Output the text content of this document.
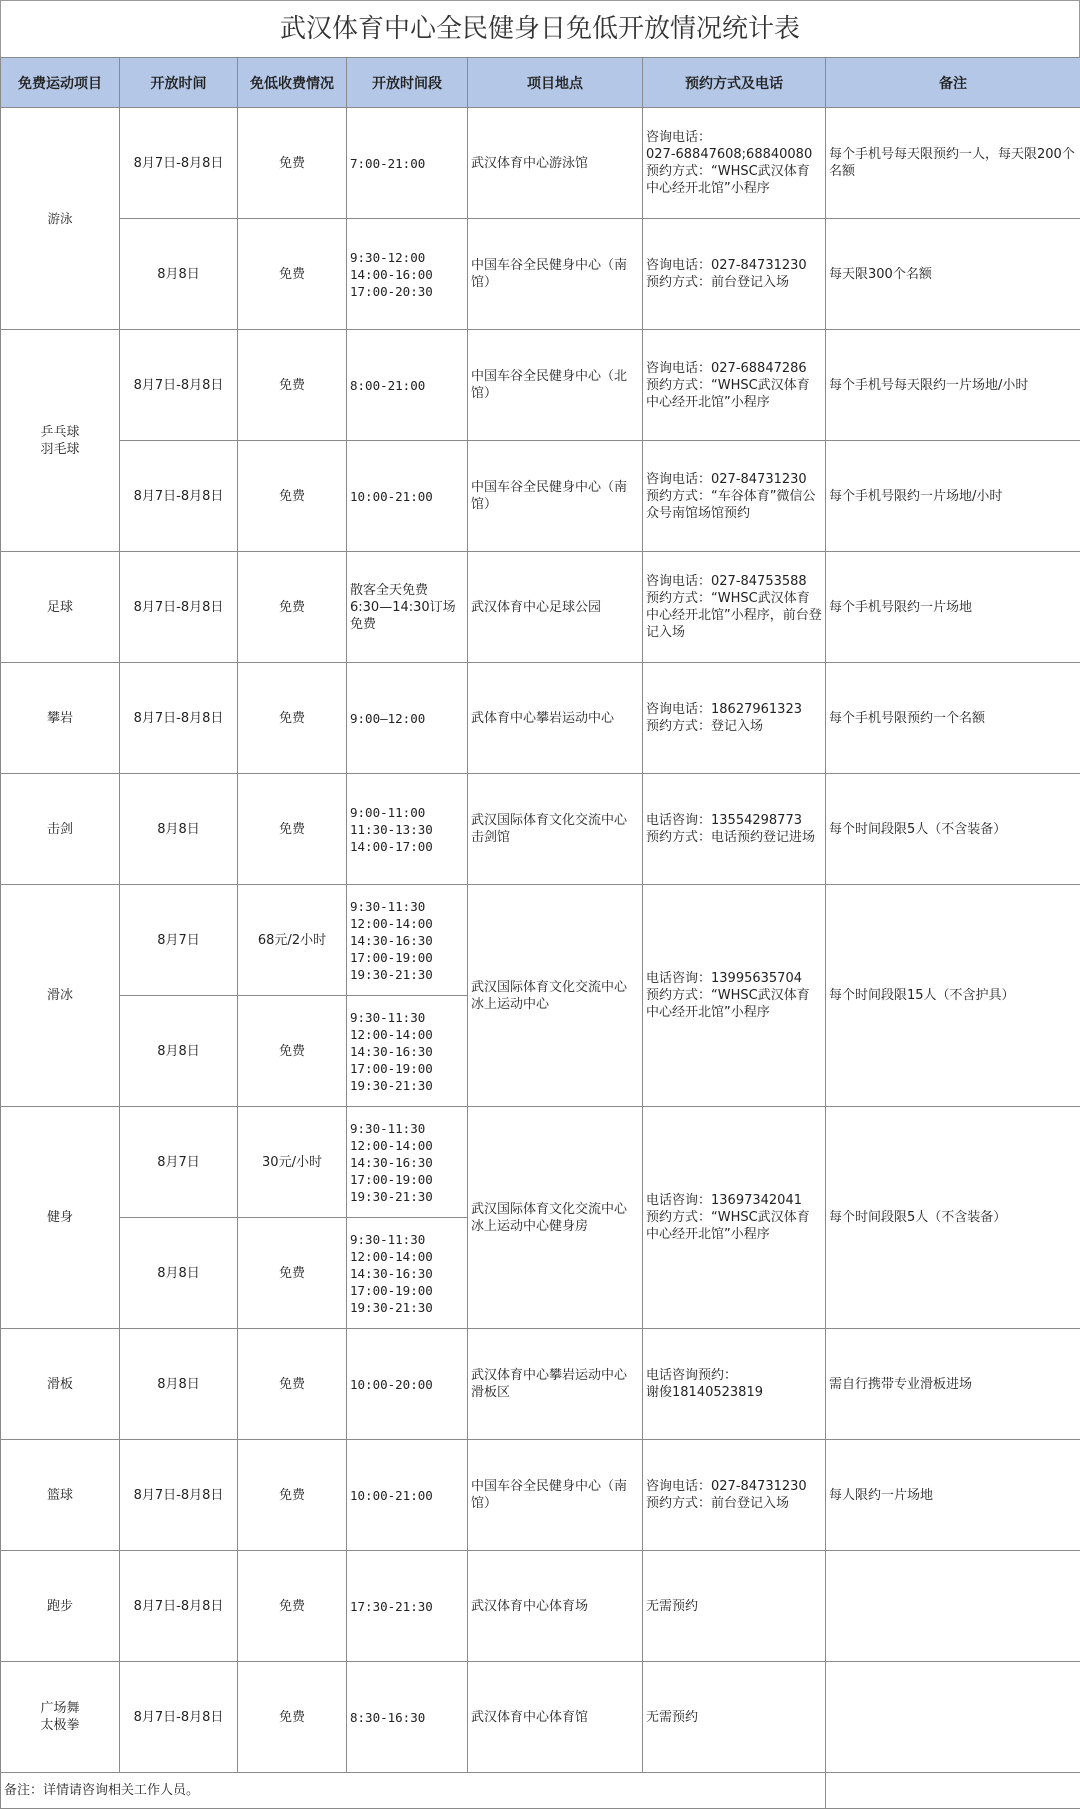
武汉体育中心全民健身日免低开放情况统计表
免费运动项目	开放时间	免低收费情况	开放时间段	项目地点	预约方式及电话	备注
游泳	8月7日-8月8日	免费	7:00-21:00	武汉体育中心游泳馆	咨询电话：
027-68847608;68840080
预约方式：“WHSC武汉体育中心经开北馆”小程序	每个手机号每天限预约一人，每天限200个名额
	8月8日	免费	9:30-12:00
14:00-16:00
17:00-20:30	中国车谷全民健身中心（南馆）	咨询电话：027-84731230
预约方式：前台登记入场	每天限300个名额
乒乓球
羽毛球	8月7日-8月8日	免费	8:00-21:00	中国车谷全民健身中心（北馆）	咨询电话：027-68847286
预约方式：“WHSC武汉体育中心经开北馆”小程序	每个手机号每天限约一片场地/小时
	8月7日-8月8日	免费	10:00-21:00	中国车谷全民健身中心（南馆）	咨询电话：027-84731230
预约方式：“车谷体育”微信公众号南馆场馆预约	每个手机号限约一片场地/小时
足球	8月7日-8月8日	免费	散客全天免费
6:30—14:30订场免费	武汉体育中心足球公园	咨询电话：027-84753588
预约方式：“WHSC武汉体育中心经开北馆”小程序，前台登记入场	每个手机号限约一片场地
攀岩	8月7日-8月8日	免费	9:00—12:00	武体育中心攀岩运动中心	咨询电话：18627961323
预约方式：登记入场	每个手机号限预约一个名额
击剑	8月8日	免费	9:00-11:00
11:30-13:30
14:00-17:00	武汉国际体育文化交流中心击剑馆	电话咨询：13554298773
预约方式：电话预约登记进场	每个时间段限5人（不含装备）
滑冰	8月7日	68元/2小时	9:30-11:30
12:00-14:00
14:30-16:30
17:00-19:00
19:30-21:30	武汉国际体育文化交流中心冰上运动中心	电话咨询：13995635704
预约方式：“WHSC武汉体育中心经开北馆”小程序	每个时间段限15人（不含护具）
	8月8日	免费	9:30-11:30
12:00-14:00
14:30-16:30
17:00-19:00
19:30-21:30			
健身	8月7日	30元/小时	9:30-11:30
12:00-14:00
14:30-16:30
17:00-19:00
19:30-21:30	武汉国际体育文化交流中心冰上运动中心健身房	电话咨询：13697342041
预约方式：“WHSC武汉体育中心经开北馆”小程序	每个时间段限5人（不含装备）
	8月8日	免费	9:30-11:30
12:00-14:00
14:30-16:30
17:00-19:00
19:30-21:30			
滑板	8月8日	免费	10:00-20:00	武汉体育中心攀岩运动中心滑板区	电话咨询预约：
谢俊18140523819	需自行携带专业滑板进场
篮球	8月7日-8月8日	免费	10:00-21:00	中国车谷全民健身中心（南馆）	咨询电话：027-84731230
预约方式：前台登记入场	每人限约一片场地
跑步	8月7日-8月8日	免费	17:30-21:30	武汉体育中心体育场	无需预约	
广场舞
太极拳	8月7日-8月8日	免费	8:30-16:30	武汉体育中心体育馆	无需预约	
备注：详情请咨询相关工作人员。						
